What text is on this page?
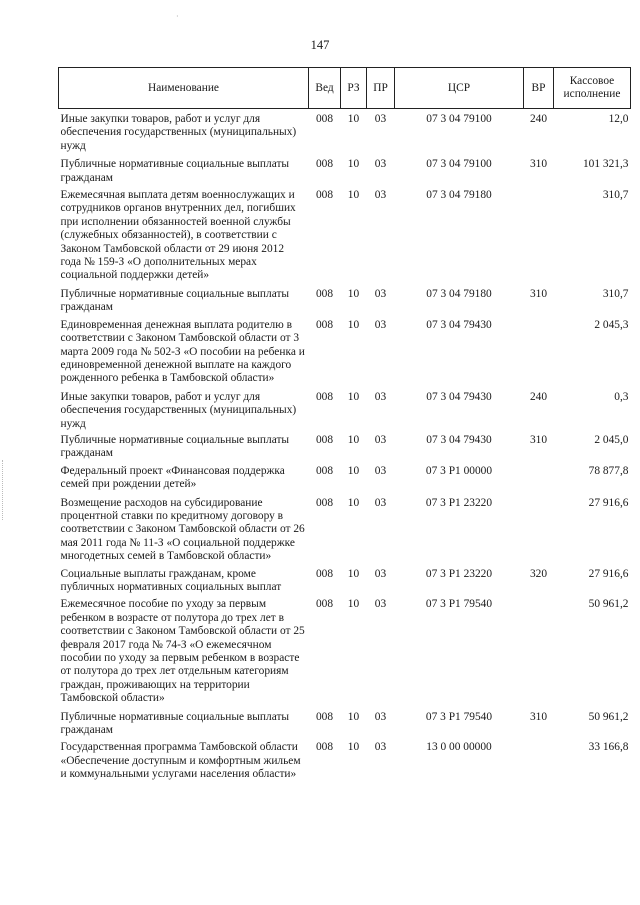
·
147
Наименование	Вед	РЗ	ПР	ЦСР	ВР	Кассовое исполнение
Иные закупки товаров, работ и услуг для обеспечения государственных (муниципальных) нужд	008	10	03	07 3 04 79100	240	12,0
Публичные нормативные социальные выплаты гражданам	008	10	03	07 3 04 79100	310	101 321,3
Ежемесячная выплата детям военнослужащих и сотрудников органов внутренних дел, погибших при исполнении обязанностей военной службы (служебных обязанностей), в соответствии с Законом Тамбовской области от 29 июня 2012 года № 159-З «О дополнительных мерах социальной поддержки детей»	008	10	03	07 3 04 79180		310,7
Публичные нормативные социальные выплаты гражданам	008	10	03	07 3 04 79180	310	310,7
Единовременная денежная выплата родителю в соответствии с Законом Тамбовской области от 3 марта 2009 года № 502-З «О пособии на ребенка и единовременной денежной выплате на каждого рожденного ребенка в Тамбовской области»	008	10	03	07 3 04 79430		2 045,3
Иные закупки товаров, работ и услуг для обеспечения государственных (муниципальных) нужд	008	10	03	07 3 04 79430	240	0,3
Публичные нормативные социальные выплаты гражданам	008	10	03	07 3 04 79430	310	2 045,0
Федеральный проект «Финансовая поддержка семей при рождении детей»	008	10	03	07 3 P1 00000		78 877,8
Возмещение расходов на субсидирование процентной ставки по кредитному договору в соответствии с Законом Тамбовской области от 26 мая 2011 года № 11-З «О социальной поддержке многодетных семей в Тамбовской области»	008	10	03	07 3 P1 23220		27 916,6
Социальные выплаты гражданам, кроме публичных нормативных социальных выплат	008	10	03	07 3 P1 23220	320	27 916,6
Ежемесячное пособие по уходу за первым ребенком в возрасте от полутора до трех лет в соответствии с Законом Тамбовской области от 25 февраля 2017 года № 74-З «О ежемесячном пособии по уходу за первым ребенком в возрасте от полутора до трех лет отдельным категориям граждан, проживающих на территории Тамбовской области»	008	10	03	07 3 P1 79540		50 961,2
Публичные нормативные социальные выплаты гражданам	008	10	03	07 3 P1 79540	310	50 961,2
Государственная программа Тамбовской области «Обеспечение доступным и комфортным жильем и коммунальными услугами населения области»	008	10	03	13 0 00 00000		33 166,8
